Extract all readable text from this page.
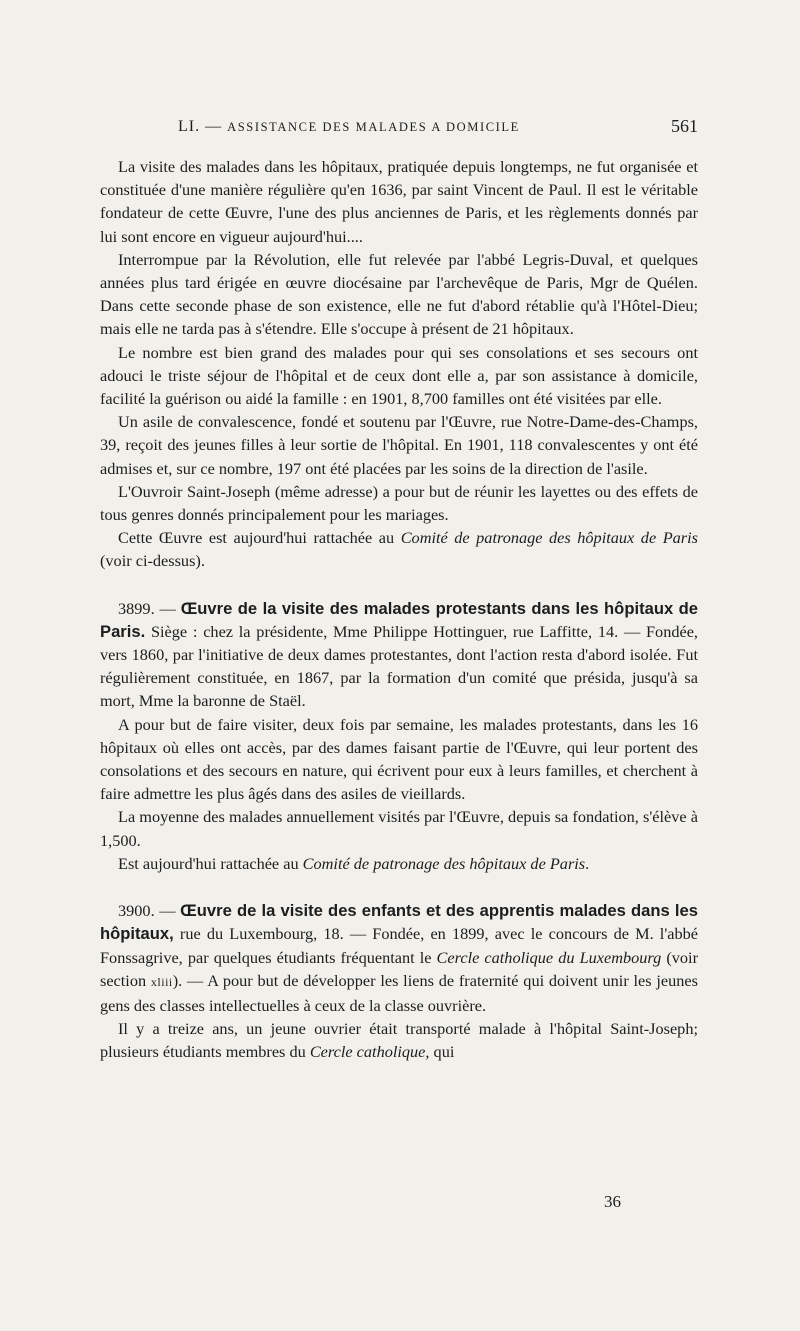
LI. — ASSISTANCE DES MALADES A DOMICILE	561

La visite des malades dans les hôpitaux, pratiquée depuis longtemps, ne fut organisée et constituée d'une manière régulière qu'en 1636, par saint Vincent de Paul. Il est le véritable fondateur de cette Œuvre, l'une des plus anciennes de Paris, et les règlements donnés par lui sont encore en vigueur aujourd'hui....

Interrompue par la Révolution, elle fut relevée par l'abbé Legris-Duval, et quelques années plus tard érigée en œuvre diocésaine par l'archevêque de Paris, Mgr de Quélen. Dans cette seconde phase de son existence, elle ne fut d'abord rétablie qu'à l'Hôtel-Dieu; mais elle ne tarda pas à s'étendre. Elle s'occupe à présent de 21 hôpitaux.

Le nombre est bien grand des malades pour qui ses consolations et ses secours ont adouci le triste séjour de l'hôpital et de ceux dont elle a, par son assistance à domicile, facilité la guérison ou aidé la famille : en 1901, 8,700 familles ont été visitées par elle.

Un asile de convalescence, fondé et soutenu par l'Œuvre, rue Notre-Dame-des-Champs, 39, reçoit des jeunes filles à leur sortie de l'hôpital. En 1901, 118 convalescentes y ont été admises et, sur ce nombre, 197 ont été placées par les soins de la direction de l'asile.

L'Ouvroir Saint-Joseph (même adresse) a pour but de réunir les layettes ou des effets de tous genres donnés principalement pour les mariages.

Cette Œuvre est aujourd'hui rattachée au Comité de patronage des hôpitaux de Paris (voir ci-dessus).

3899. — Œuvre de la visite des malades protestants dans les hôpitaux de Paris. Siège : chez la présidente, Mme Philippe Hottinguer, rue Laffitte, 14. — Fondée, vers 1860, par l'initiative de deux dames protestantes, dont l'action resta d'abord isolée. Fut régulièrement constituée, en 1867, par la formation d'un comité que présida, jusqu'à sa mort, Mme la baronne de Staël.

A pour but de faire visiter, deux fois par semaine, les malades protestants, dans les 16 hôpitaux où elles ont accès, par des dames faisant partie de l'Œuvre, qui leur portent des consolations et des secours en nature, qui écrivent pour eux à leurs familles, et cherchent à faire admettre les plus âgés dans des asiles de vieillards.

La moyenne des malades annuellement visités par l'Œuvre, depuis sa fondation, s'élève à 1,500.

Est aujourd'hui rattachée au Comité de patronage des hôpitaux de Paris.

3900. — Œuvre de la visite des enfants et des apprentis malades dans les hôpitaux, rue du Luxembourg, 18. — Fondée, en 1899, avec le concours de M. l'abbé Fonssagrive, par quelques étudiants fréquentant le Cercle catholique du Luxembourg (voir section xliii). — A pour but de développer les liens de fraternité qui doivent unir les jeunes gens des classes intellectuelles à ceux de la classe ouvrière.

Il y a treize ans, un jeune ouvrier était transporté malade à l'hôpital Saint-Joseph; plusieurs étudiants membres du Cercle catholique, qui

36
